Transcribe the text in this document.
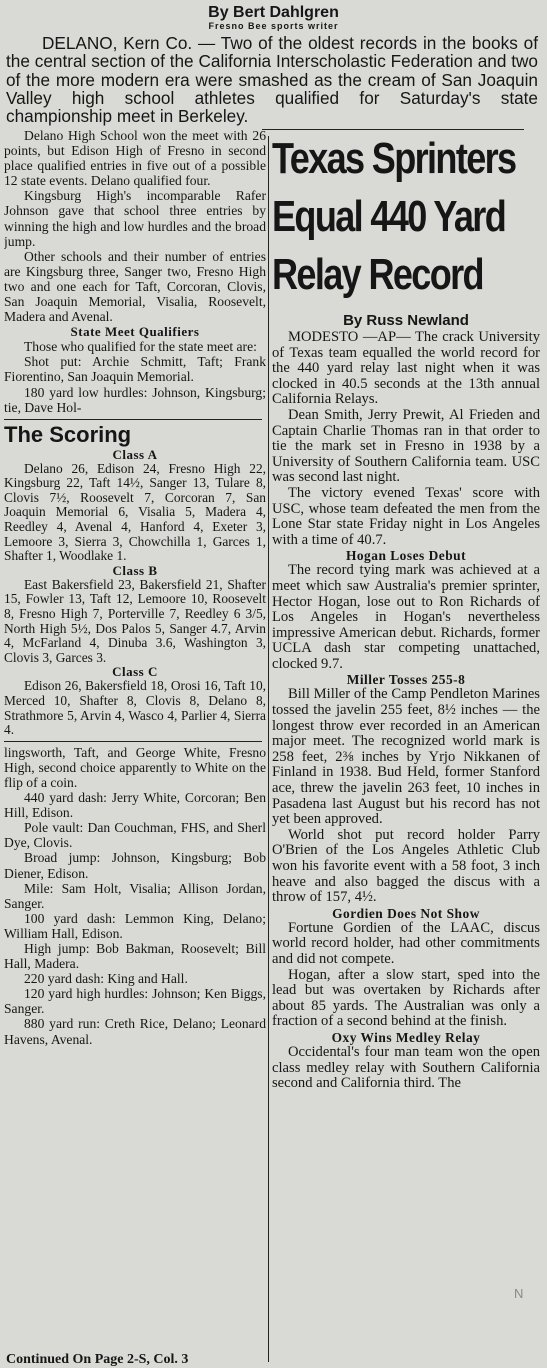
By Bert Dahlgren
Fresno Bee sports writer

DELANO, Kern Co. — Two of the oldest records in the books of the central section of the California Interscholastic Federation and two of the more modern era were smashed as the cream of San Joaquin Valley high school athletes qualified for Saturday's state championship meet in Berkeley.

Delano High School won the meet with 26 points, but Edison High of Fresno in second place qualified entries in five out of a possible 12 state events. Delano qualified four.

Kingsburg High's incomparable Rafer Johnson gave that school three entries by winning the high and low hurdles and the broad jump.

Other schools and their number of entries are Kingsburg three, Sanger two, Fresno High two and one each for Taft, Corcoran, Clovis, San Joaquin Memorial, Visalia, Roosevelt, Madera and Avenal.

State Meet Qualifiers

Those who qualified for the state meet are:

Shot put: Archie Schmitt, Taft; Frank Fiorentino, San Joaquin Memorial.

180 yard low hurdles: Johnson, Kingsburg; tie, Dave Hol-

The Scoring
Class A

Delano 26, Edison 24, Fresno High 22, Kingsburg 22, Taft 14½, Sanger 13, Tulare 8, Clovis 7½, Roosevelt 7, Corcoran 7, San Joaquin Memorial 6, Visalia 5, Madera 4, Reedley 4, Avenal 4, Hanford 4, Exeter 3, Lemoore 3, Sierra 3, Chowchilla 1, Garces 1, Shafter 1, Woodlake 1.

Class B

East Bakersfield 23, Bakersfield 21, Shafter 15, Fowler 13, Taft 12, Lemoore 10, Roosevelt 8, Fresno High 7, Porterville 7, Reedley 6 3/5, North High 5½, Dos Palos 5, Sanger 4.7, Arvin 4, McFarland 4, Dinuba 3.6, Washington 3, Clovis 3, Garces 3.

Class C

Edison 26, Bakersfield 18, Orosi 16, Taft 10, Merced 10, Shafter 8, Clovis 8, Delano 8, Strathmore 5, Arvin 4, Wasco 4, Parlier 4, Sierra 4.

lingsworth, Taft, and George White, Fresno High, second choice apparently to White on the flip of a coin.

440 yard dash: Jerry White, Corcoran; Ben Hill, Edison.

Pole vault: Dan Couchman, FHS, and Sherl Dye, Clovis.

Broad jump: Johnson, Kingsburg; Bob Diener, Edison.

Mile: Sam Holt, Visalia; Allison Jordan, Sanger.

100 yard dash: Lemmon King, Delano; William Hall, Edison.

High jump: Bob Bakman, Roosevelt; Bill Hall, Madera.

220 yard dash: King and Hall.

120 yard high hurdles: Johnson; Ken Biggs, Sanger.

880 yard run: Creth Rice, Delano; Leonard Havens, Avenal.

Continued On Page 2-S, Col. 3
Texas Sprinters
Equal 440 Yard
Relay Record
By Russ Newland

MODESTO —AP— The crack University of Texas team equalled the world record for the 440 yard relay last night when it was clocked in 40.5 seconds at the 13th annual California Relays.

Dean Smith, Jerry Prewit, Al Frieden and Captain Charlie Thomas ran in that order to tie the mark set in Fresno in 1938 by a University of Southern California team. USC was second last night.

The victory evened Texas' score with USC, whose team defeated the men from the Lone Star state Friday night in Los Angeles with a time of 40.7.

Hogan Loses Debut

The record tying mark was achieved at a meet which saw Australia's premier sprinter, Hector Hogan, lose out to Ron Richards of Los Angeles in Hogan's nevertheless impressive American debut. Richards, former UCLA dash star competing unattached, clocked 9.7.

Miller Tosses 255-8

Bill Miller of the Camp Pendleton Marines tossed the javelin 255 feet, 8½ inches — the longest throw ever recorded in an American major meet. The recognized world mark is 258 feet, 2⅜ inches by Yrjo Nikkanen of Finland in 1938. Bud Held, former Stanford ace, threw the javelin 263 feet, 10 inches in Pasadena last August but his record has not yet been approved.

World shot put record holder Parry O'Brien of the Los Angeles Athletic Club won his favorite event with a 58 foot, 3 inch heave and also bagged the discus with a throw of 157, 4½.

Gordien Does Not Show

Fortune Gordien of the LAAC, discus world record holder, had other commitments and did not compete.

Hogan, after a slow start, sped into the lead but was overtaken by Richards after about 85 yards. The Australian was only a fraction of a second behind at the finish.

Oxy Wins Medley Relay

Occidental's four man team won the open class medley relay with Southern California second and California third. The

N
